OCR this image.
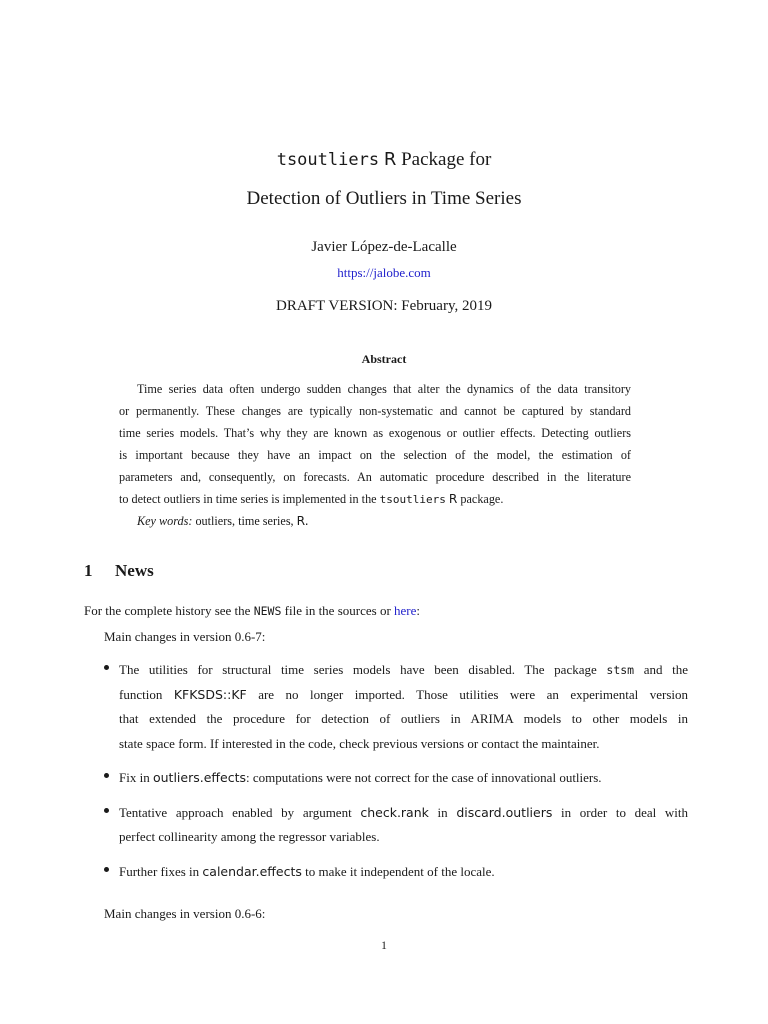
tsoutliers R Package for
Detection of Outliers in Time Series
Javier López-de-Lacalle
https://jalobe.com
DRAFT VERSION: February, 2019
Abstract
Time series data often undergo sudden changes that alter the dynamics of the data transitory
or permanently. These changes are typically non-systematic and cannot be captured by standard
time series models. That’s why they are known as exogenous or outlier effects. Detecting outliers
is important because they have an impact on the selection of the model, the estimation of
parameters and, consequently, on forecasts. An automatic procedure described in the literature
to detect outliers in time series is implemented in the tsoutliers R package.
Key words: outliers, time series, R.
1 News
For the complete history see the NEWS file in the sources or here:
Main changes in version 0.6-7:
The utilities for structural time series models have been disabled. The package stsm and the
function KFKSDS::KF are no longer imported. Those utilities were an experimental version
that extended the procedure for detection of outliers in ARIMA models to other models in
state space form. If interested in the code, check previous versions or contact the maintainer.
Fix in outliers.effects: computations were not correct for the case of innovational outliers.
Tentative approach enabled by argument check.rank in discard.outliers in order to deal with
perfect collinearity among the regressor variables.
Further fixes in calendar.effects to make it independent of the locale.
Main changes in version 0.6-6:
1
